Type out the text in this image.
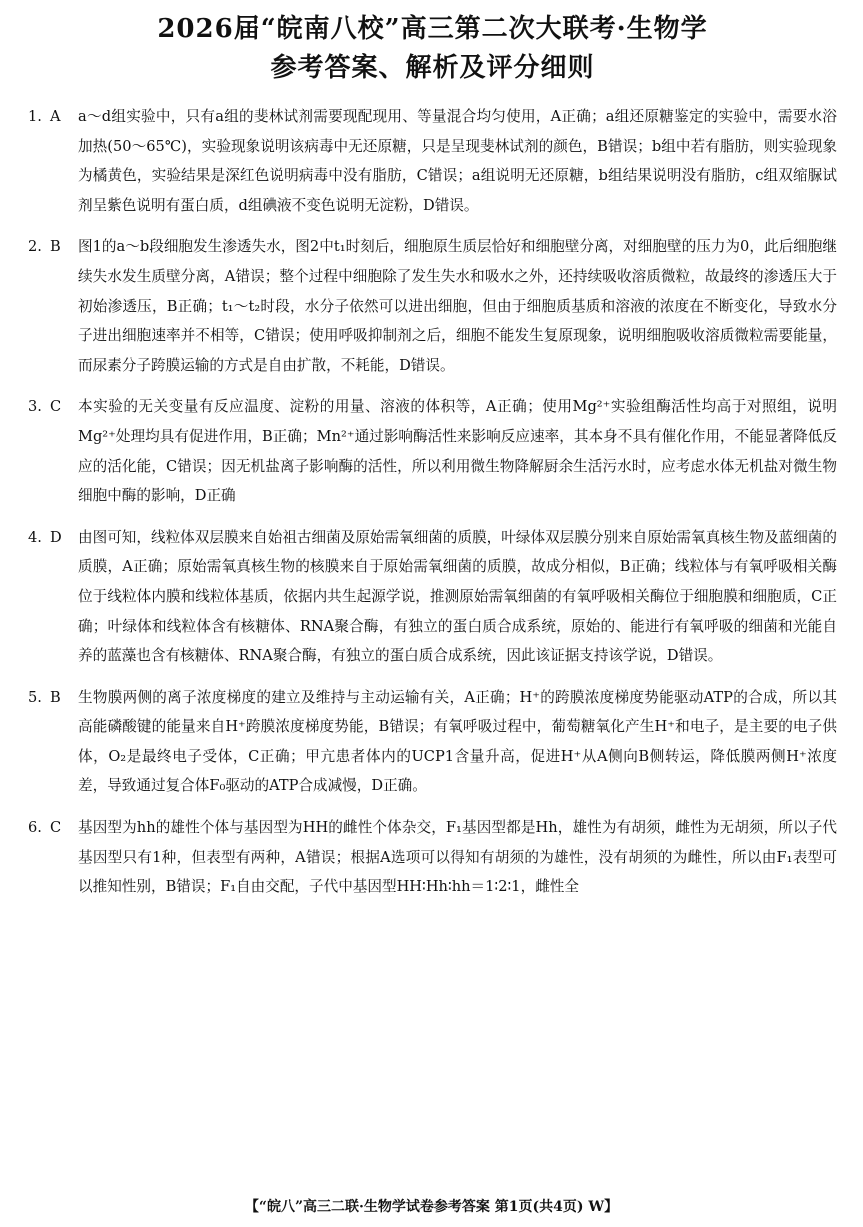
2026届“皖南八校”高三第二次大联考·生物学
参考答案、解析及评分细则
1. A	a～d组实验中，只有a组的斐林试剂需要现配现用、等量混合均匀使用，A正确；a组还原糖鉴定的实验中，需要水浴加热(50～65℃)，实验现象说明该病毒中无还原糖，只是呈现斐林试剂的颜色，B错误；b组中若有脂肪，则实验现象为橘黄色，实验结果是深红色说明病毒中没有脂肪，C错误；a组说明无还原糖，b组结果说明没有脂肪，c组双缩脲试剂呈紫色说明有蛋白质，d组碘液不变色说明无淀粉，D错误。
2. B	图1的a～b段细胞发生渗透失水，图2中t₁时刻后，细胞原生质层恰好和细胞壁分离，对细胞壁的压力为0，此后细胞继续失水发生质壁分离，A错误；整个过程中细胞除了发生失水和吸水之外，还持续吸收溶质微粒，故最终的渗透压大于初始渗透压，B正确；t₁～t₂时段，水分子依然可以进出细胞，但由于细胞质基质和溶液的浓度在不断变化，导致水分子进出细胞速率并不相等，C错误；使用呼吸抑制剂之后，细胞不能发生复原现象，说明细胞吸收溶质微粒需要能量，而尿素分子跨膜运输的方式是自由扩散，不耗能，D错误。
3. C	本实验的无关变量有反应温度、淀粉的用量、溶液的体积等，A正确；使用Mg²⁺实验组酶活性均高于对照组，说明Mg²⁺处理均具有促进作用，B正确；Mn²⁺通过影响酶活性来影响反应速率，其本身不具有催化作用，不能显著降低反应的活化能，C错误；因无机盐离子影响酶的活性，所以利用微生物降解厨余生活污水时，应考虑水体无机盐对微生物细胞中酶的影响，D正确
4. D	由图可知，线粒体双层膜来自始祖古细菌及原始需氧细菌的质膜，叶绿体双层膜分别来自原始需氧真核生物及蓝细菌的质膜，A正确；原始需氧真核生物的核膜来自于原始需氧细菌的质膜，故成分相似，B正确；线粒体与有氧呼吸相关酶位于线粒体内膜和线粒体基质，依据内共生起源学说，推测原始需氧细菌的有氧呼吸相关酶位于细胞膜和细胞质，C正确；叶绿体和线粒体含有核糖体、RNA聚合酶，有独立的蛋白质合成系统，原始的、能进行有氧呼吸的细菌和光能自养的蓝藻也含有核糖体、RNA聚合酶，有独立的蛋白质合成系统，因此该证据支持该学说，D错误。
5. B	生物膜两侧的离子浓度梯度的建立及维持与主动运输有关，A正确；H⁺的跨膜浓度梯度势能驱动ATP的合成，所以其高能磷酸键的能量来自H⁺跨膜浓度梯度势能，B错误；有氧呼吸过程中，葡萄糖氧化产生H⁺和电子，是主要的电子供体，O₂是最终电子受体，C正确；甲亢患者体内的UCP1含量升高，促进H⁺从A侧向B侧转运，降低膜两侧H⁺浓度差，导致通过复合体F₀驱动的ATP合成减慢，D正确。
6. C	基因型为hh的雄性个体与基因型为HH的雌性个体杂交，F₁基因型都是Hh，雄性为有胡须，雌性为无胡须，所以子代基因型只有1种，但表型有两种，A错误；根据A选项可以得知有胡须的为雄性，没有胡须的为雌性，所以由F₁表型可以推知性别，B错误；F₁自由交配，子代中基因型HH∶Hh∶hh＝1∶2∶1，雌性全
【“皖八”高三二联·生物学试卷参考答案 第1页(共4页) W】
